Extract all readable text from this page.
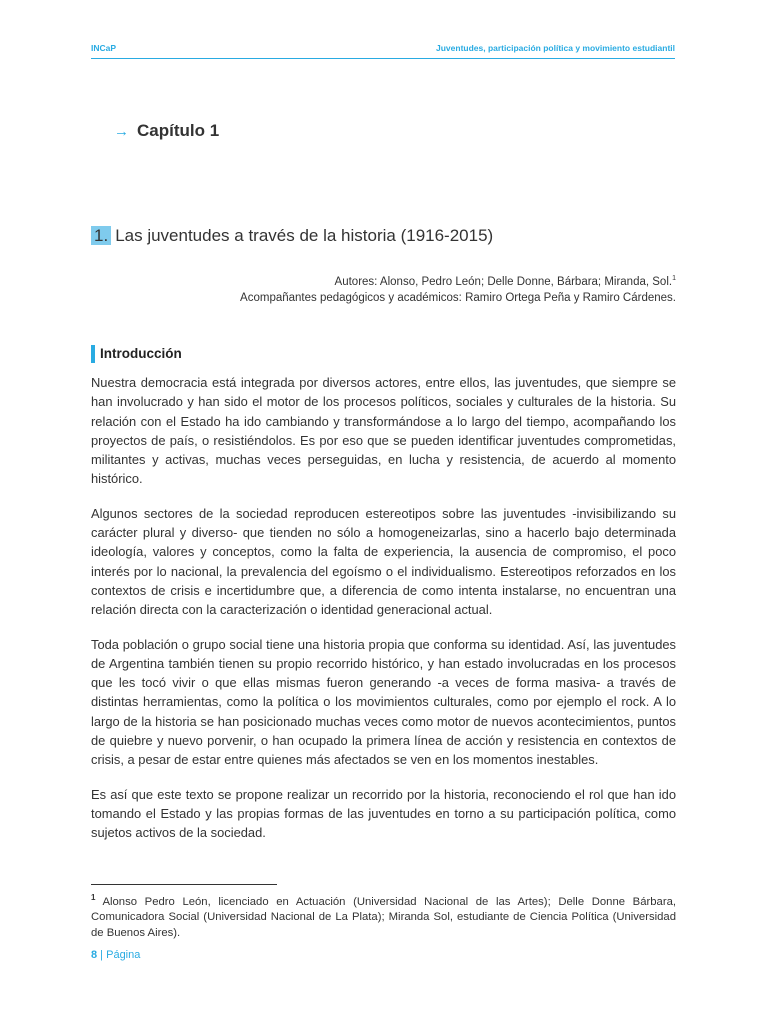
INCaP	Juventudes, participación política y movimiento estudiantil
→ Capítulo 1
1. Las juventudes a través de la historia (1916-2015)
Autores: Alonso, Pedro León; Delle Donne, Bárbara; Miranda, Sol.$^1$
Acompañantes pedagógicos y académicos: Ramiro Ortega Peña y Ramiro Cárdenes.
Introducción

Nuestra democracia está integrada por diversos actores, entre ellos, las juventudes, que siempre se han involucrado y han sido el motor de los procesos políticos, sociales y culturales de la historia. Su relación con el Estado ha ido cambiando y transformándose a lo largo del tiempo, acompañando los proyectos de país, o resistiéndolos. Es por eso que se pueden identificar juventudes comprometidas, militantes y activas, muchas veces perseguidas, en lucha y resistencia, de acuerdo al momento histórico.

Algunos sectores de la sociedad reproducen estereotipos sobre las juventudes -invisibilizando su carácter plural y diverso- que tienden no sólo a homogeneizarlas, sino a hacerlo bajo determinada ideología, valores y conceptos, como la falta de experiencia, la ausencia de compromiso, el poco interés por lo nacional, la prevalencia del egoísmo o el individualismo. Estereotipos reforzados en los contextos de crisis e incertidumbre que, a diferencia de como intenta instalarse, no encuentran una relación directa con la caracterización o identidad generacional actual.

Toda población o grupo social tiene una historia propia que conforma su identidad. Así, las juventudes de Argentina también tienen su propio recorrido histórico, y han estado involucradas en los procesos que les tocó vivir o que ellas mismas fueron generando -a veces de forma masiva- a través de distintas herramientas, como la política o los movimientos culturales, como por ejemplo el rock. A lo largo de la historia se han posicionado muchas veces como motor de nuevos acontecimientos, puntos de quiebre y nuevo porvenir, o han ocupado la primera línea de acción y resistencia en contextos de crisis, a pesar de estar entre quienes más afectados se ven en los momentos inestables.

Es así que este texto se propone realizar un recorrido por la historia, reconociendo el rol que han ido tomando el Estado y las propias formas de las juventudes en torno a su participación política, como sujetos activos de la sociedad.

$^1$ Alonso Pedro León, licenciado en Actuación (Universidad Nacional de las Artes); Delle Donne Bárbara, Comunicadora Social (Universidad Nacional de La Plata); Miranda Sol, estudiante de Ciencia Política (Universidad de Buenos Aires).
8 | Página
